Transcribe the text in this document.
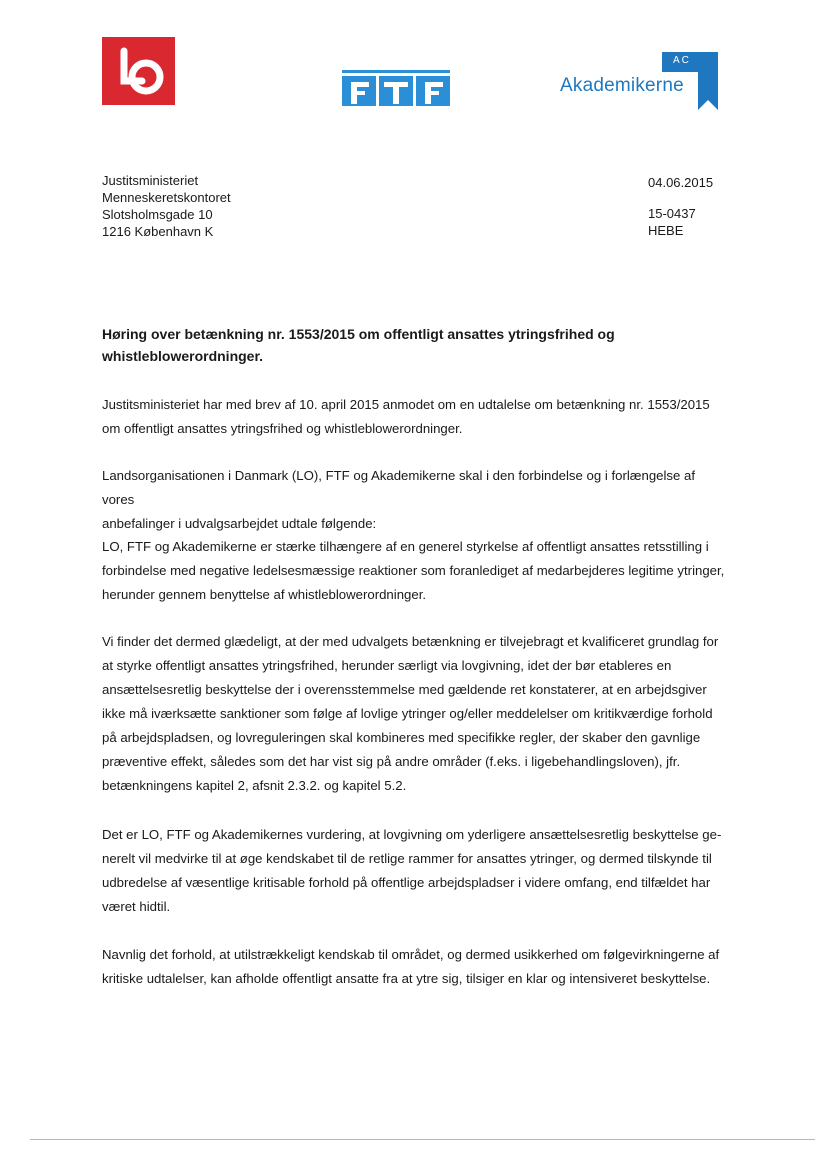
AC
Akademikerne
Justitsministeriet
Menneskeretskontoret
Slotsholmsgade 10
1216 København K
04.06.2015
15-0437
HEBE
Høring over betænkning nr. 1553/2015 om offentligt ansattes ytringsfrihed og
whistleblowerordninger.
Justitsministeriet har med brev af 10. april 2015 anmodet om en udtalelse om betænkning nr. 1553/2015
om offentligt ansattes ytringsfrihed og whistleblowerordninger.
Landsorganisationen i Danmark (LO), FTF og Akademikerne skal i den forbindelse og i forlængelse af vores
anbefalinger i udvalgsarbejdet udtale følgende:
LO, FTF og Akademikerne er stærke tilhængere af en generel styrkelse af offentligt ansattes retsstilling i
forbindelse med negative ledelsesmæssige reaktioner som foranlediget af medarbejderes legitime ytringer,
herunder gennem benyttelse af whistleblowerordninger.
Vi finder det dermed glædeligt, at der med udvalgets betænkning er tilvejebragt et kvalificeret grundlag for
at styrke offentligt ansattes ytringsfrihed, herunder særligt via lovgivning, idet der bør etableres en
ansættelsesretlig beskyttelse der i overensstemmelse med gældende ret konstaterer, at en arbejdsgiver
ikke må iværksætte sanktioner som følge af lovlige ytringer og/eller meddelelser om kritikværdige forhold
på arbejdspladsen, og lovreguleringen skal kombineres med specifikke regler, der skaber den gavnlige
præventive effekt, således som det har vist sig på andre områder (f.eks. i ligebehandlingsloven), jfr.
betænkningens kapitel 2, afsnit 2.3.2. og kapitel 5.2.
Det er LO, FTF og Akademikernes vurdering, at lovgivning om yderligere ansættelsesretlig beskyttelse ge-
nerelt vil medvirke til at øge kendskabet til de retlige rammer for ansattes ytringer, og dermed tilskynde til
udbredelse af væsentlige kritisable forhold på offentlige arbejdspladser i videre omfang, end tilfældet har
været hidtil.
Navnlig det forhold, at utilstrækkeligt kendskab til området, og dermed usikkerhed om følgevirkningerne af
kritiske udtalelser, kan afholde offentligt ansatte fra at ytre sig, tilsiger en klar og intensiveret beskyttelse.
